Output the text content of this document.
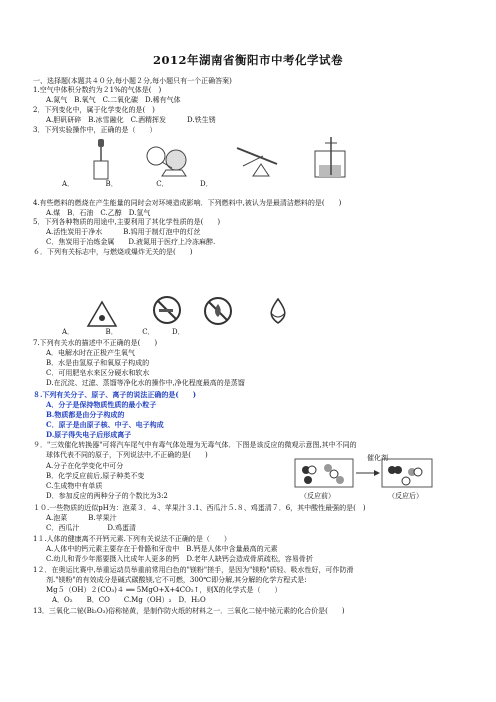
2012年湖南省衡阳市中考化学试卷
一、选择题(本题共４０分,每小题２分,每小题只有一个正确答案)
1.空气中体积分数约为２1%的气体是(　)
A.氮气　B.氧气　C.二氧化碳　D.稀有气体
2．下列变化中，属于化学变化的是(　)
A.胆矾研碎　B.冰雪融化　C.酒精挥发　　　D.铁生锈
3．下列实验操作中，正确的是（　　）
A．　　　　　B．　　　　　　C．　　　　　D．
4.有些燃料的燃烧在产生能量的同时会对环境造成影响．下列燃料中,被认为是最清洁燃料的是(　　)
A.煤　B．石油　C.乙醇　D.氢气
5．下列各种物质的用途中,主要利用了其化学性质的是(　　)
A.活性炭用于净水　　　B.钨用于制灯泡中的灯丝
C．焦炭用于冶炼金属　　D.液氮用于医疗上冷冻麻醉.
６．下列有关标志中，与燃烧或爆炸无关的是(　　)
A．　　　　　B．　　　　C．　　　D．
7.下列有关水的描述中不正确的是(　　)
A．电解水时在正极产生氧气
B．水是由氢原子和氧原子构成的
C．可用肥皂水来区分硬水和软水
D.在沉淀、过滤、蒸馏等净化水的操作中,净化程度最高的是蒸馏
８.下列有关分子、原子、离子的说法正确的是(　　)
A．分子是保持物质性质的最小粒子
B.物质都是由分子构成的
C．原子是由原子核、中子、电子构成
D.原子得失电子后形成离子
９．"三效催化转换器"可将汽车尾气中有毒气体处理为无毒气体．下图是该反应的微观示意图,其中不同的
球体代表不同的原子，下列说法中,不正确的是(　　)
A.分子在化学变化中可分
B．化学反应前后,原子种类不变
C.生成物中有单质
D．参加反应的两种分子的个数比为3:2
催化剂
（反应前）	（反应后）
１０.一些物质的近似pH为：泡菜３．４、苹果汁３.1、西瓜汁５.８、鸡蛋清７．6，其中酸性最强的是(　)
A.泡菜　　　B.苹果汁
C．西瓜汁　　　　D.鸡蛋清
1１.人体的健康离不开钙元素.下列有关说法不正确的是（　　）
A.人体中的钙元素主要存在于骨骼和牙齿中　B.钙是人体中含量最高的元素
C.幼儿和青少年需要摄入比成年人更多的钙　D.老年人缺钙会造成骨质疏松，容易骨折
1２．在奥运比赛中,举重运动员举重前常用白色的"镁粉"搓手，是因为"镁粉"质轻、吸水性好，可作防滑
剂."镁粉"的有效成分是碱式碳酸镁,它不可燃，300℃即分解,其分解的化学方程式是:
Mg５（OH）２(CO₃)４ ══ 5MgO+X+4CO₂↑，则X的化学式是（　　）
A．O₂　　B．CO　　C.Mg（OH）₂　D．H₂O
13．三氧化二铋(Bi₂O₃)俗称铋黄，是制作防火纸的材料之一．三氧化二铋中铋元素的化合价是(　　)
